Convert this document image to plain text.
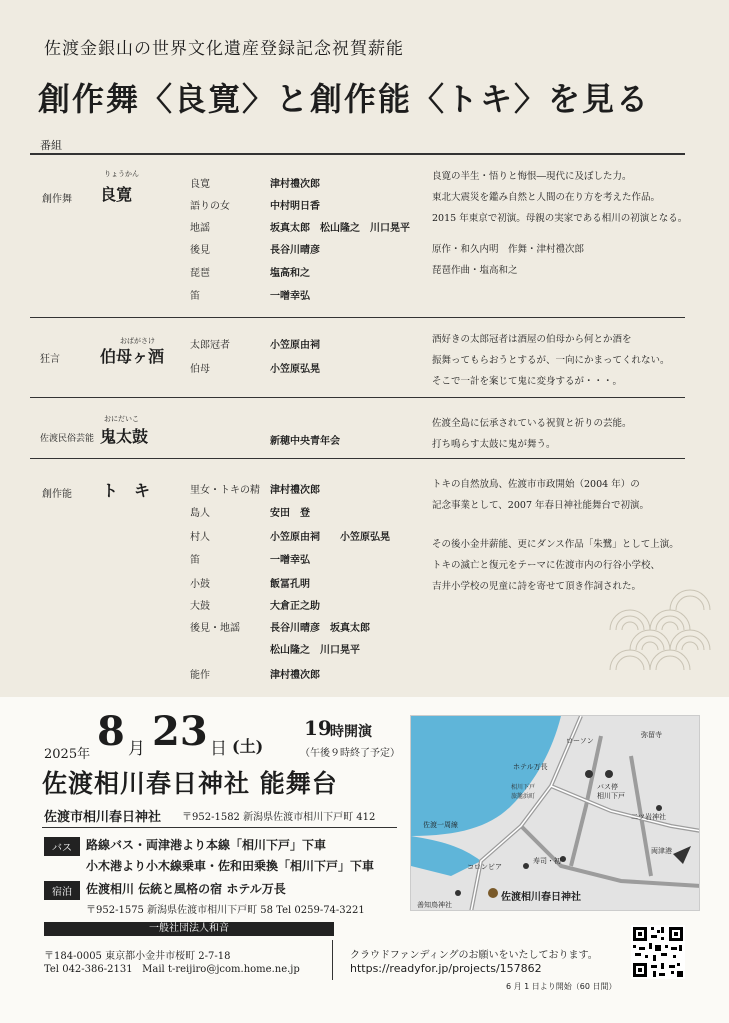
佐渡金銀山の世界文化遺産登録記念祝賀薪能
創作舞〈良寛〉と創作能〈トキ〉を見る
番組
創作舞
りょうかん
良寛
良寛	津村禮次郎
語りの女	中村明日香
地謡	坂真太郎　松山隆之　川口晃平
後見	長谷川晴彦
琵琶	塩高和之
笛	一噌幸弘
良寛の半生・悟りと悔恨―現代に及ぼした力。
東北大震災を鑑み自然と人間の在り方を考えた作品。
2015 年東京で初演。母親の実家である相川の初演となる。
原作・和久内明　作舞・津村禮次郎
琵琶作曲・塩高和之
狂言
おばがさけ
伯母ヶ酒
太郎冠者	小笠原由祠
伯母	小笠原弘晃
酒好きの太郎冠者は酒屋の伯母から何とか酒を
振舞ってもらおうとするが、一向にかまってくれない。
そこで一計を案じて鬼に変身するが・・・。
佐渡民俗芸能
おにだいこ
鬼太鼓	新穂中央青年会
佐渡全島に伝承されている祝賀と祈りの芸能。
打ち鳴らす太鼓に鬼が舞う。
創作能 ト　キ	里女・トキの精 津村禮次郎
島人	安田　登
村人	小笠原由祠　　小笠原弘晃
笛	一噌幸弘
小鼓	飯冨孔明
大鼓	大倉正之助
後見・地謡	長谷川晴彦　坂真太郎
松山隆之　川口晃平
能作	津村禮次郎
トキの自然放鳥、佐渡市市政開始（2004 年）の
記念事業として、2007 年春日神社能舞台で初演。
その後小金井薪能、更にダンス作品「朱鷺」として上演。
トキの滅亡と復元をテーマに佐渡市内の行谷小学校、
吉井小学校の児童に詩を寄せて頂き作詞された。
2025年 8 月 23 日 (土)
19
時開演
（午後９時終了予定）
佐渡相川春日神社 能舞台
佐渡市相川春日神社 〒952-1582 新潟県佐渡市相川下戸町 412
バス	路線バス・両津港より本線「相川下戸」下車
小木港より小木線乗車・佐和田乗換「相川下戸」下車
宿泊	佐渡相川 伝統と風格の宿 ホテル万長
〒952-1575 新潟県佐渡市相川下戸町 58 Tel 0259-74-3221
ローソン
弥留寺
ホテル万長
バス停
相川下戸
相川下戸
旅籠浜町
二ツ岩神社
佐渡一周線
両津港
コロンビア
寿司・初
善知鳥神社
佐渡相川春日神社
一般社団法人和音
〒184-0005 東京都小金井市桜町 2-7-18
Tel 042-386-2131 Mail t-reijiro@jcom.home.ne.jp
クラウドファンディングのお願いをいたしております。
https://readyfor.jp/projects/157862
6 月 1 日より開始（60 日間）
